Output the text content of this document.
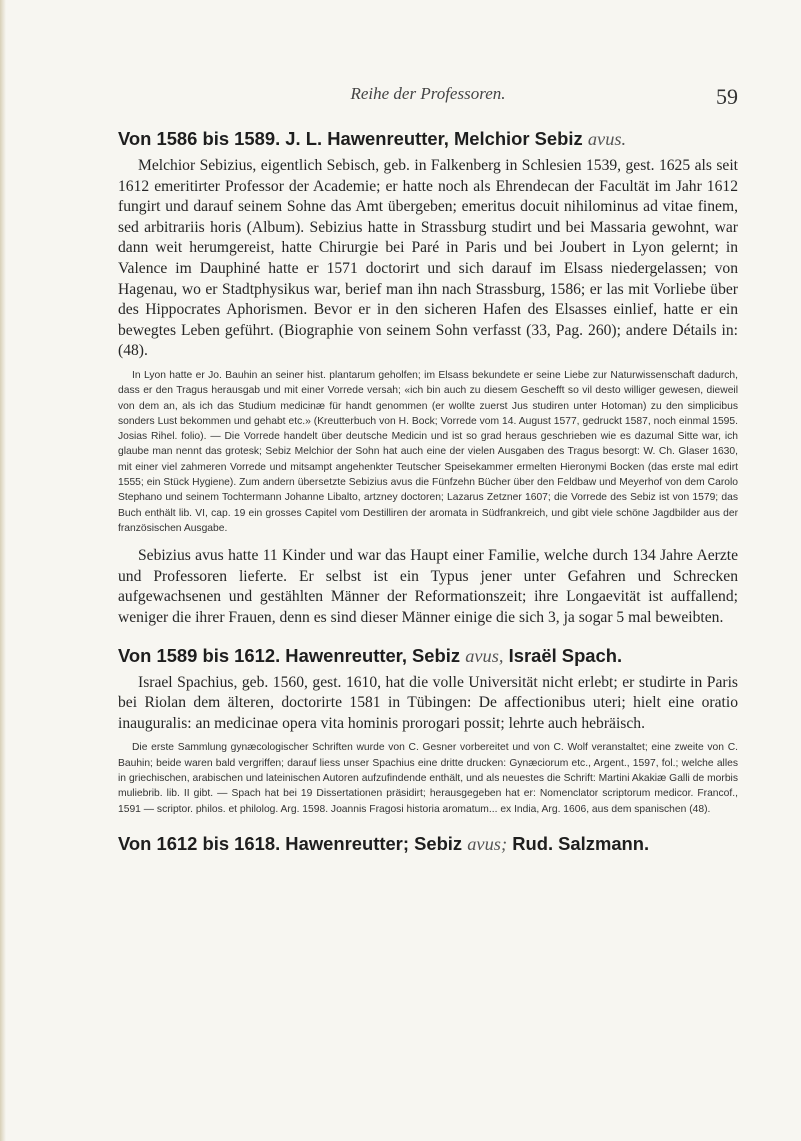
Reihe der Professoren.	59
Von 1586 bis 1589. J. L. Hawenreutter, Melchior Sebiz avus.

Melchior Sebizius, eigentlich Sebisch, geb. in Falkenberg in Schlesien 1539, gest. 1625 als seit 1612 emeritirter Professor der Academie; er hatte noch als Ehrendecan der Facultät im Jahr 1612 fungirt und darauf seinem Sohne das Amt übergeben; emeritus docuit nihilominus ad vitae finem, sed arbitrariis horis (Album). Sebizius hatte in Strassburg studirt und bei Massaria gewohnt, war dann weit herumgereist, hatte Chirurgie bei Paré in Paris und bei Joubert in Lyon gelernt; in Valence im Dauphiné hatte er 1571 doctorirt und sich darauf im Elsass niedergelassen; von Hagenau, wo er Stadtphysikus war, berief man ihn nach Strassburg, 1586; er las mit Vorliebe über des Hippocrates Aphorismen. Bevor er in den sicheren Hafen des Elsasses einlief, hatte er ein bewegtes Leben geführt. (Biographie von seinem Sohn verfasst (33, Pag. 260); andere Détails in: (48).

In Lyon hatte er Jo. Bauhin an seiner hist. plantarum geholfen; im Elsass bekundete er seine Liebe zur Naturwissenschaft dadurch, dass er den Tragus herausgab und mit einer Vorrede versah; «ich bin auch zu diesem Geschefft so vil desto williger gewesen, dieweil von dem an, als ich das Studium medicinæ für handt genommen (er wollte zuerst Jus studiren unter Hotoman) zu den simplicibus sonders Lust bekommen und gehabt etc.» (Kreutterbuch von H. Bock; Vorrede vom 14. August 1577, gedruckt 1587, noch einmal 1595. Josias Rihel. folio). — Die Vorrede handelt über deutsche Medicin und ist so grad heraus geschrieben wie es dazumal Sitte war, ich glaube man nennt das grotesk; Sebiz Melchior der Sohn hat auch eine der vielen Ausgaben des Tragus besorgt: W. Ch. Glaser 1630, mit einer viel zahmeren Vorrede und mitsampt angehenkter Teutscher Speisekammer ermelten Hieronymi Bocken (das erste mal edirt 1555; ein Stück Hygiene). Zum andern übersetzte Sebizius avus die Fünfzehn Bücher über den Feldbaw und Meyerhof von dem Carolo Stephano und seinem Tochtermann Johanne Libalto, artzney doctoren; Lazarus Zetzner 1607; die Vorrede des Sebiz ist von 1579; das Buch enthält lib. VI, cap. 19 ein grosses Capitel vom Destilliren der aromata in Südfrankreich, und gibt viele schöne Jagdbilder aus der französischen Ausgabe.

Sebizius avus hatte 11 Kinder und war das Haupt einer Familie, welche durch 134 Jahre Aerzte und Professoren lieferte. Er selbst ist ein Typus jener unter Gefahren und Schrecken aufgewachsenen und gestählten Männer der Reformationszeit; ihre Longaevität ist auffallend; weniger die ihrer Frauen, denn es sind dieser Männer einige die sich 3, ja sogar 5 mal beweibten.

Von 1589 bis 1612. Hawenreutter, Sebiz avus, Israël Spach.

Israel Spachius, geb. 1560, gest. 1610, hat die volle Universität nicht erlebt; er studirte in Paris bei Riolan dem älteren, doctorirte 1581 in Tübingen: De affectionibus uteri; hielt eine oratio inauguralis: an medicinae opera vita hominis prorogari possit; lehrte auch hebräisch.

Die erste Sammlung gynæcologischer Schriften wurde von C. Gesner vorbereitet und von C. Wolf veranstaltet; eine zweite von C. Bauhin; beide waren bald vergriffen; darauf liess unser Spachius eine dritte drucken: Gynæciorum etc., Argent., 1597, fol.; welche alles in griechischen, arabischen und lateinischen Autoren aufzufindende enthält, und als neuestes die Schrift: Martini Akakiæ Galli de morbis muliebrib. lib. II gibt. — Spach hat bei 19 Dissertationen präsidirt; herausgegeben hat er: Nomenclator scriptorum medicor. Francof., 1591 — scriptor. philos. et philolog. Arg. 1598. Joannis Fragosi historia aromatum... ex India, Arg. 1606, aus dem spanischen (48).

Von 1612 bis 1618. Hawenreutter; Sebiz avus; Rud. Salzmann.
